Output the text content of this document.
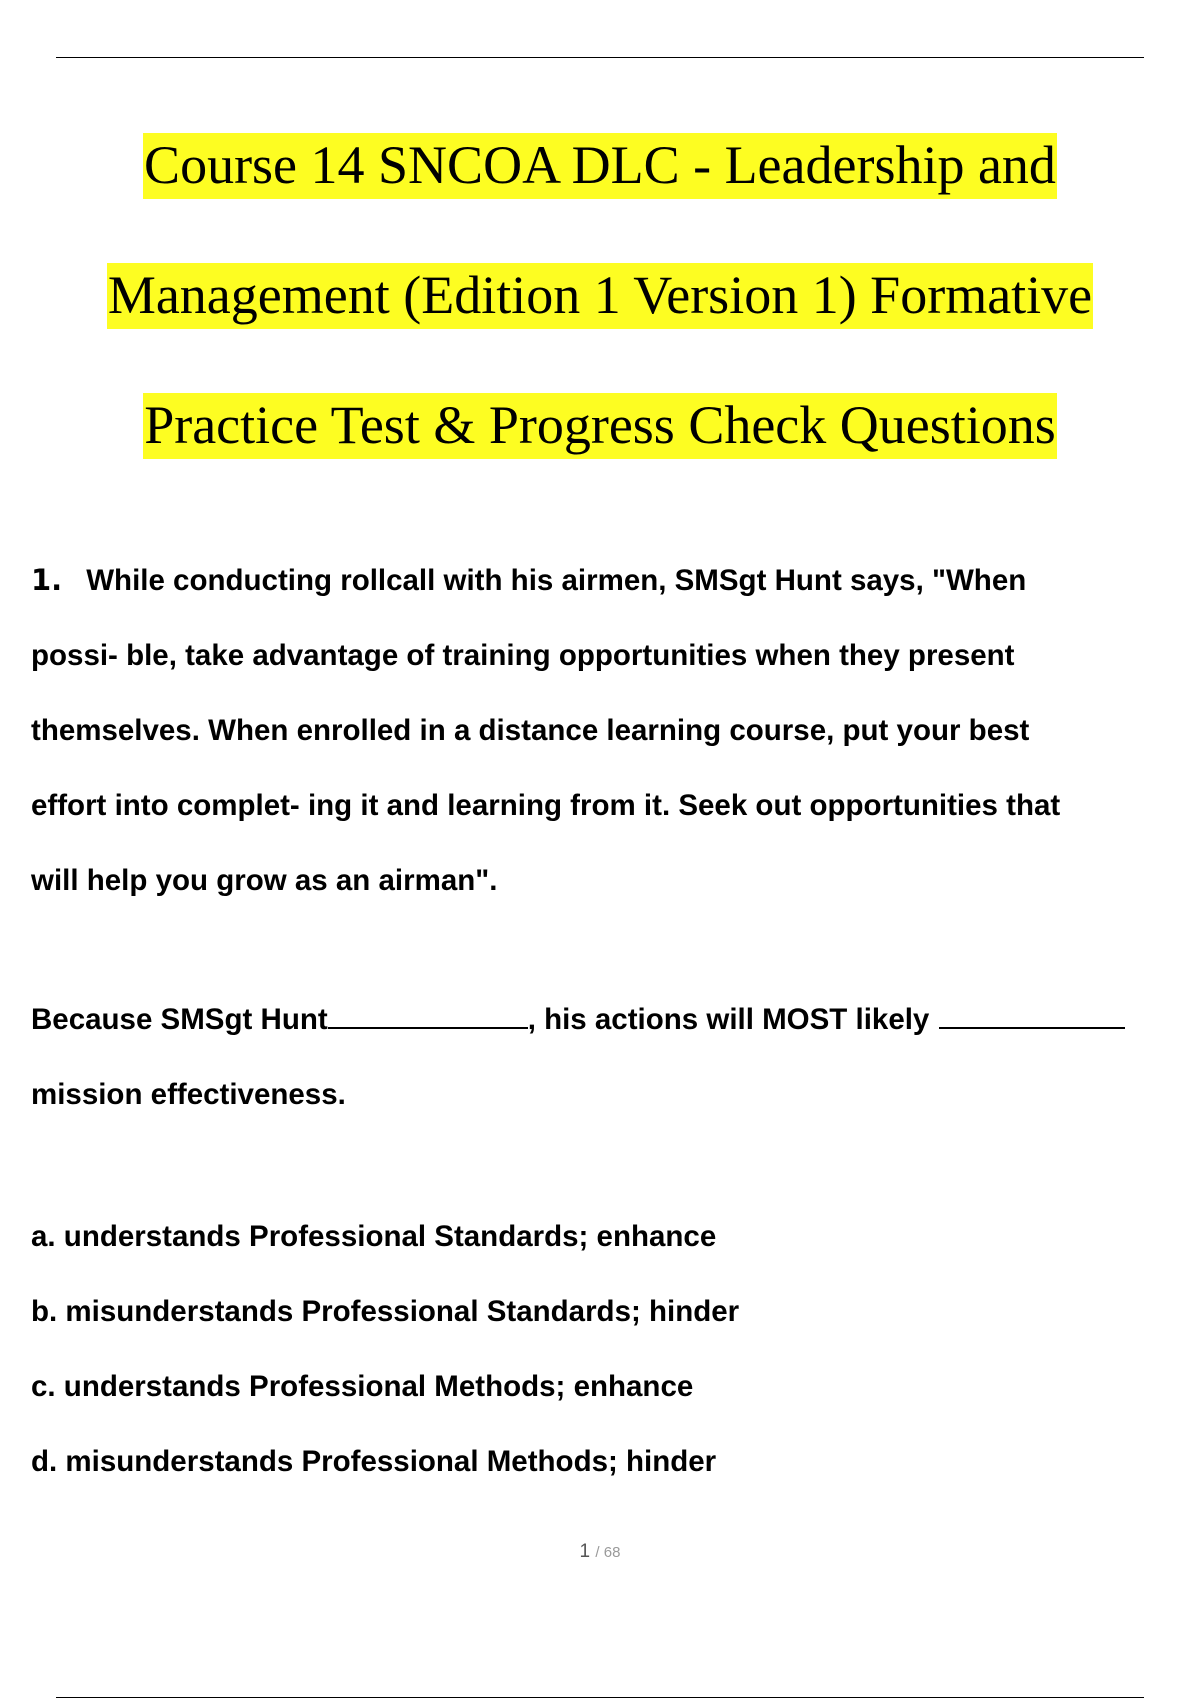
Course 14 SNCOA DLC - Leadership and
Management (Edition 1 Version 1) Formative
Practice Test & Progress Check Questions

1. While conducting rollcall with his airmen, SMSgt Hunt says, "When
possi- ble, take advantage of training opportunities when they present
themselves. When enrolled in a distance learning course, put your best
effort into complet- ing it and learning from it. Seek out opportunities that
will help you grow as an airman".

Because SMSgt Hunt	, his actions will MOST likely
mission effectiveness.

a. understands Professional Standards; enhance
b. misunderstands Professional Standards; hinder
c. understands Professional Methods; enhance
d. misunderstands Professional Methods; hinder
1 / 68
